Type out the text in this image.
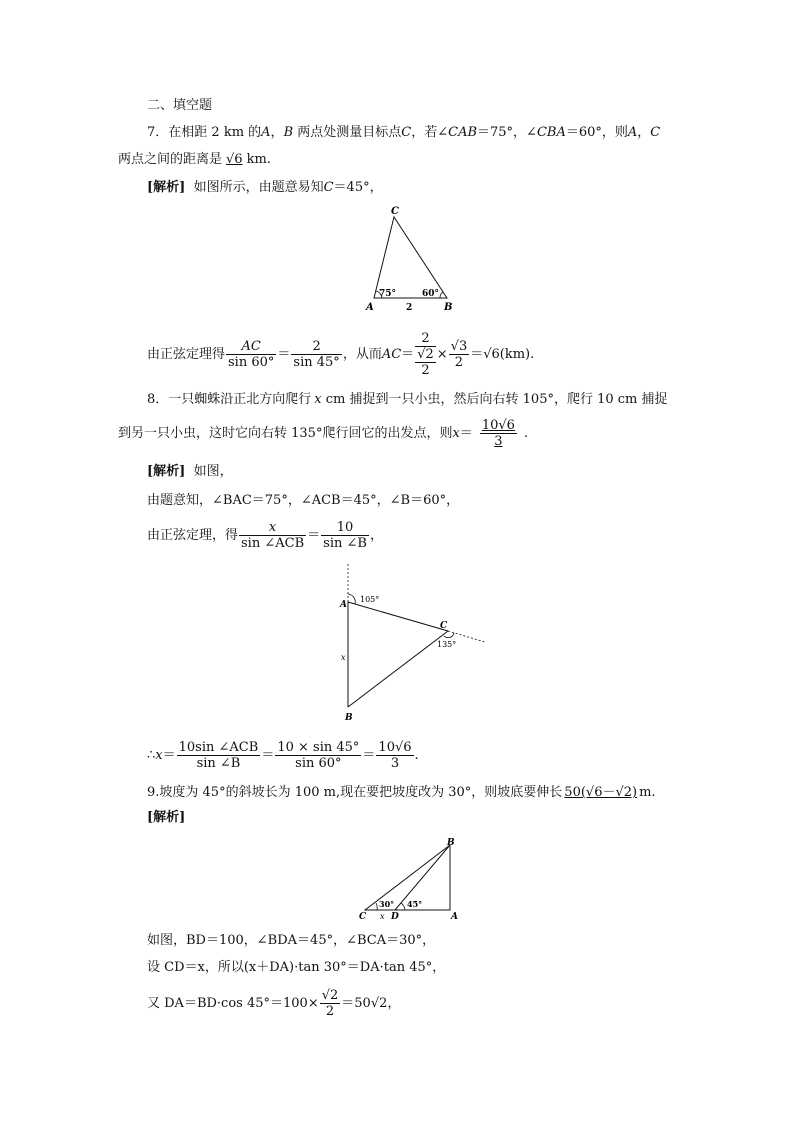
二、填空题
7．在相距 2 km 的A，B 两点处测量目标点C，若∠CAB＝75°，∠CBA＝60°，则A，C
两点之间的距离是 √6 km.
[解析] 如图所示，由题意易知C＝45°，
C
A	B
75°	60°
2
由正弦定理得 $\frac{AC}{\sin 60^\circ} = \frac{2}{\sin 45^\circ}$ ，从而AC＝
2
√2
2
× $\frac{√3}{2} =√6(km)$.
8．一只蜘蛛沿正北方向爬行 x cm 捕捉到一只小虫，然后向右转 105°，爬行 10 cm 捕捉
到另一只小虫，这时它向右转 135°爬行回它的出发点，则$x= \frac{10√6}{3}$ .
[解析] 如图，
由题意知，∠BAC＝75°，∠ACB＝45°，∠B＝60°，
由正弦定理，得 $\frac{x}{\text{sin ∠ACB}} = \frac{10}{\sin \angle B}$ ，
A
B
C
105°
135°
x
∴x＝ $\frac{\text{10sin ∠ACB}}{\sin \angle B} = \frac{10 \times \sin 45^\circ}{\sin 60^\circ} = \frac{10√6}{3}$ .
9.坡度为 45°的斜坡长为 100 m,现在要把坡度改为 30°，则坡底要伸长 50(√6－√2) m.
[解析]
B
C	D	A
30° 45°
x
如图，BD＝100，∠BDA＝45°，∠BCA＝30°，
设 CD＝x，所以(x＋DA)·tan 30°＝DA·tan 45°，
又 DA＝BD·cos $45^\circ=100\times \frac{√2}{2} =50√2$，
